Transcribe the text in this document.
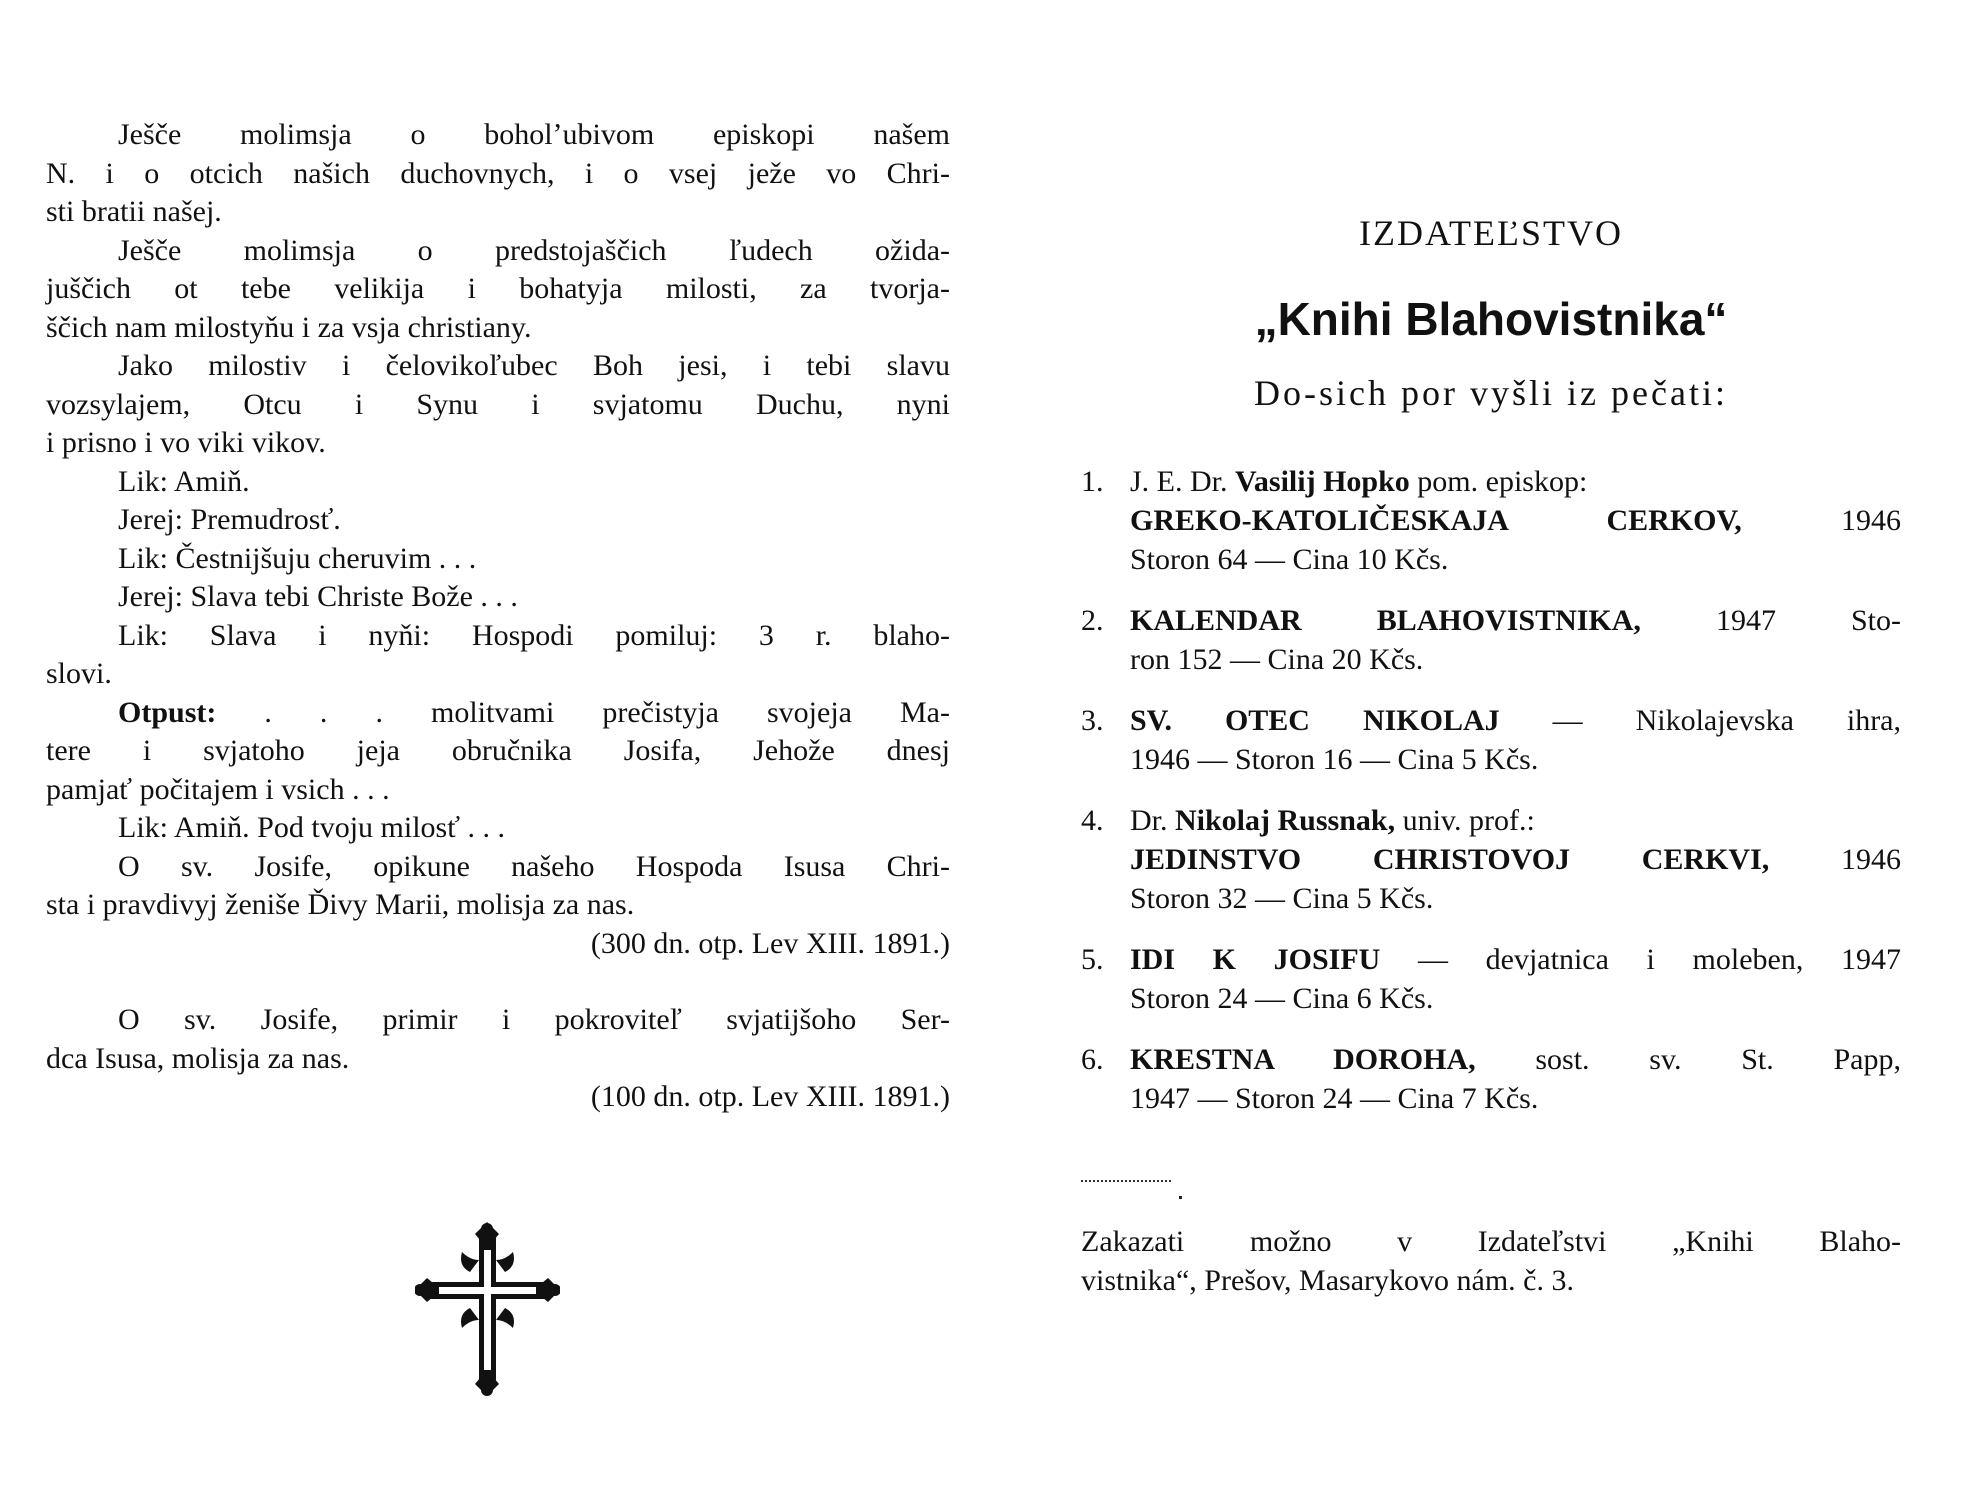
Ješče molimsja o boholʼubivom episkopi našem
N. i o otcich našich duchovnych, i o vsej ježe vo Chri-
sti bratii našej.
Ješče molimsja o predstojaščich ľudech ožida-
juščich ot tebe velikija i bohatyja milosti, za tvorja-
ščich nam milostyňu i za vsja christiany.
Jako milostiv i čelovikoľubec Boh jesi, i tebi slavu
vozsylajem, Otcu i Synu i svjatomu Duchu, nyni
i prisno i vo viki vikov.
Lik: Amiň.
Jerej: Premudrosť.
Lik: Čestnijšuju cheruvim . . .
Jerej: Slava tebi Christe Bože . . .
Lik: Slava i nyňi: Hospodi pomiluj: 3 r. blaho-
slovi.
Otpust: . . . molitvami prečistyja svojeja Ma-
tere i svjatoho jeja obručnika Josifa, Jehože dnesj
pamjať počitajem i vsich . . .
Lik: Amiň. Pod tvoju milosť . . .
O sv. Josife, opikune našeho Hospoda Isusa Chri-
sta i pravdivyj ženiše Ďivy Marii, molisja za nas.
(300 dn. otp. Lev XIII. 1891.)
O sv. Josife, primir i pokroviteľ svjatijšoho Ser-
dca Isusa, molisja za nas.
(100 dn. otp. Lev XIII. 1891.)
IZDATEĽSTVO
„Knihi Blahovistnika“
Do-sich por vyšli iz pečati:
1. J. E. Dr. Vasilij Hopko pom. episkop:
GREKO-KATOLIČESKAJA CERKOV, 1946
Storon 64 — Cina 10 Kčs.
2. KALENDAR BLAHOVISTNIKA, 1947 Sto-
ron 152 — Cina 20 Kčs.
3. SV. OTEC NIKOLAJ — Nikolajevska ihra,
1946 — Storon 16 — Cina 5 Kčs.
4. Dr. Nikolaj Russnak, univ. prof.:
JEDINSTVO CHRISTOVOJ CERKVI, 1946
Storon 32 — Cina 5 Kčs.
5. IDI K JOSIFU — devjatnica i moleben, 1947
Storon 24 — Cina 6 Kčs.
6. KRESTNA DOROHA, sost. sv. St. Papp,
1947 — Storon 24 — Cina 7 Kčs.
Zakazati možno v Izdateľstvi „Knihi Blaho-
vistnika“, Prešov, Masarykovo nám. č. 3.
